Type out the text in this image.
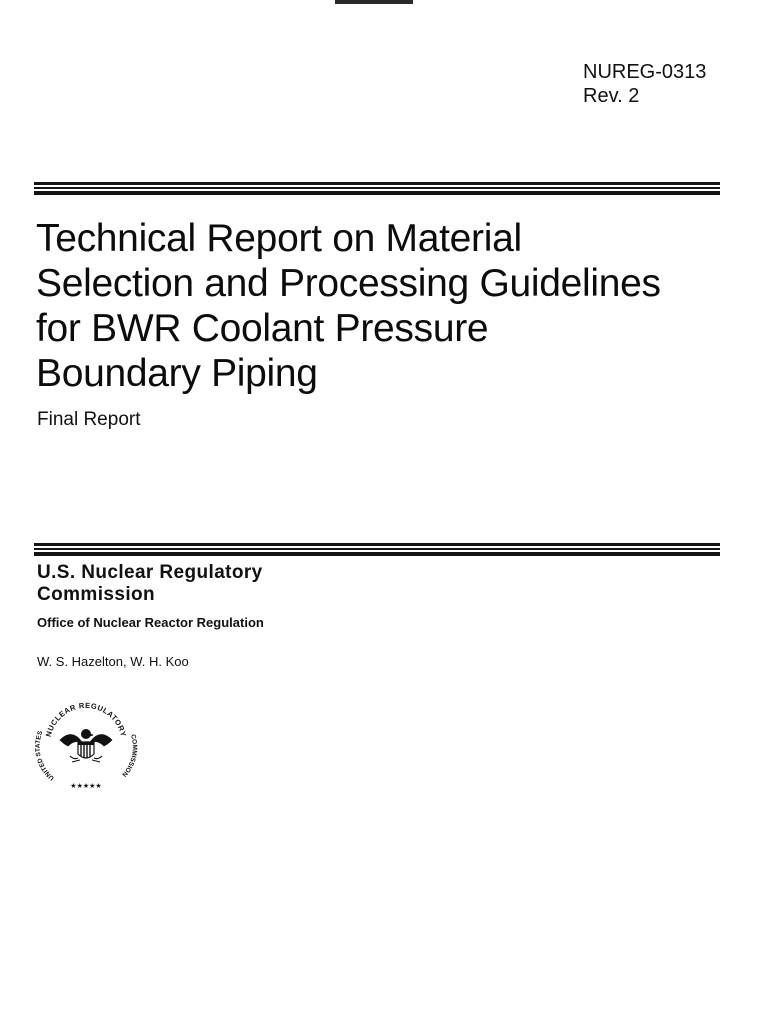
NUREG-0313
Rev. 2
Technical Report on Material
Selection and Processing Guidelines
for BWR Coolant Pressure
Boundary Piping
Final Report
U.S. Nuclear Regulatory
Commission
Office of Nuclear Reactor Regulation
W. S. Hazelton, W. H. Koo
NUCLEAR REGULATORY
UNITED STATES
COMMISSION
★★★★★
